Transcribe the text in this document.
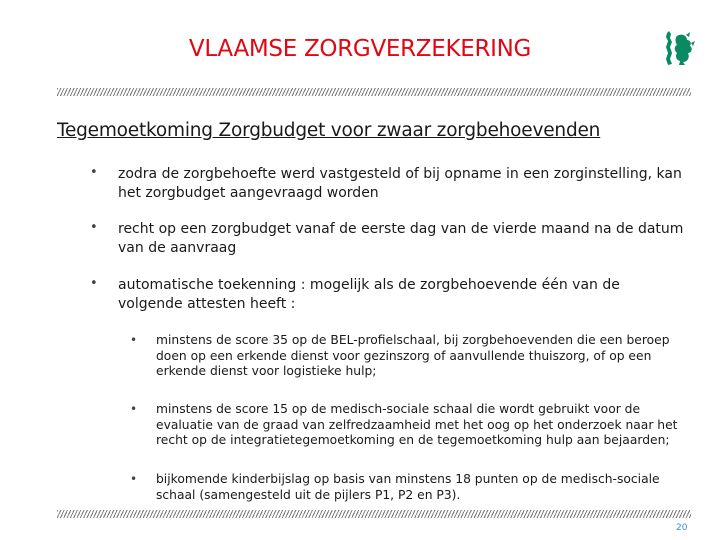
VLAAMSE ZORGVERZEKERING
Tegemoetkoming Zorgbudget voor zwaar zorgbehoevenden
• zodra de zorgbehoefte werd vastgesteld of bij opname in een zorginstelling, kan het zorgbudget aangevraagd worden
• recht op een zorgbudget vanaf de eerste dag van de vierde maand na de datum van de aanvraag
• automatische toekenning : mogelijk als de zorgbehoevende één van de volgende attesten heeft :
• minstens de score 35 op de BEL-profielschaal, bij zorgbehoevenden die een beroep doen op een erkende dienst voor gezinszorg of aanvullende thuiszorg, of op een erkende dienst voor logistieke hulp;
• minstens de score 15 op de medisch-sociale schaal die wordt gebruikt voor de evaluatie van de graad van zelfredzaamheid met het oog op het onderzoek naar het recht op de integratietegemoetkoming en de tegemoetkoming hulp aan bejaarden;
• bijkomende kinderbijslag op basis van minstens 18 punten op de medisch-sociale schaal (samengesteld uit de pijlers P1, P2 en P3).
20
